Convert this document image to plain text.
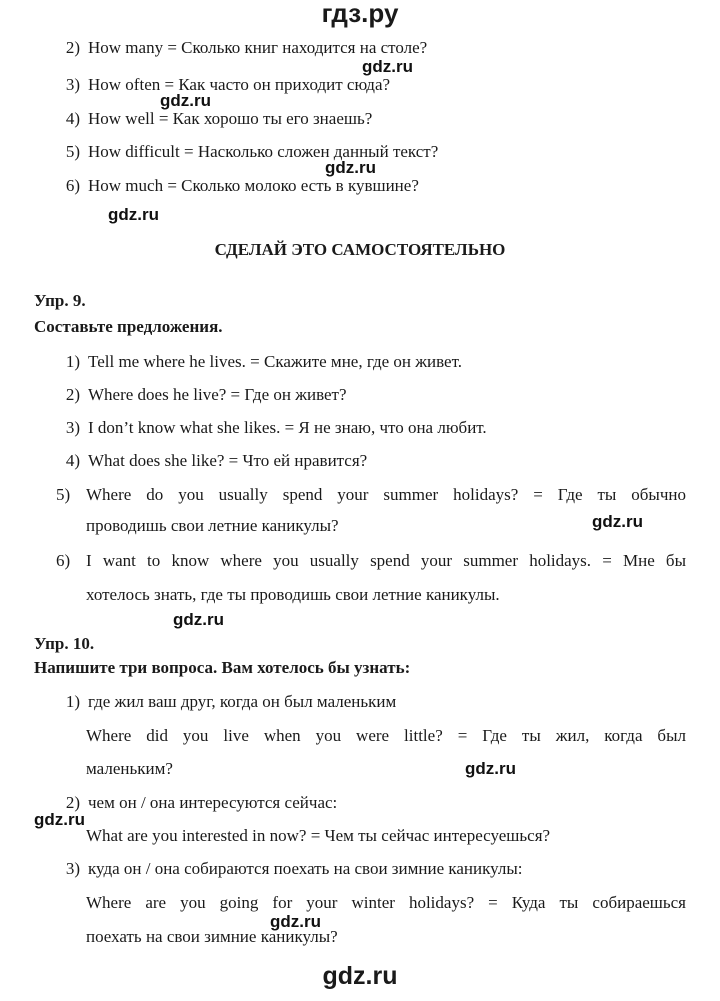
гдз.ру
2) How many = Сколько книг находится на столе?
3) How often = Как часто он приходит сюда?
4) How well = Как хорошо ты его знаешь?
5) How difficult = Насколько сложен данный текст?
6) How much = Сколько молоко есть в кувшине?
СДЕЛАЙ ЭТО САМОСТОЯТЕЛЬНО
Упр. 9.
Составьте предложения.
1) Tell me where he lives. = Скажите мне, где он живет.
2) Where does he live? = Где он живет?
3) I don’t know what she likes. = Я не знаю, что она любит.
4) What does she like? = Что ей нравится?
5) Where do you usually spend your summer holidays? = Где ты обычно
проводишь свои летние каникулы?
6) I want to know where you usually spend your summer holidays. = Мне бы
хотелось знать, где ты проводишь свои летние каникулы.
Упр. 10.
Напишите три вопроса. Вам хотелось бы узнать:
1) где жил ваш друг, когда он был маленьким
Where did you live when you were little? = Где ты жил, когда был
маленьким?
2) чем он / она интересуются сейчас:
What are you interested in now? = Чем ты сейчас интересуешься?
3) куда он / она собираются поехать на свои зимние каникулы:
Where are you going for your winter holidays? = Куда ты собираешься
поехать на свои зимние каникулы?
gdz.ru
gdz.ru
gdz.ru
gdz.ru
gdz.ru
gdz.ru
gdz.ru
gdz.ru
gdz.ru
gdz.ru
